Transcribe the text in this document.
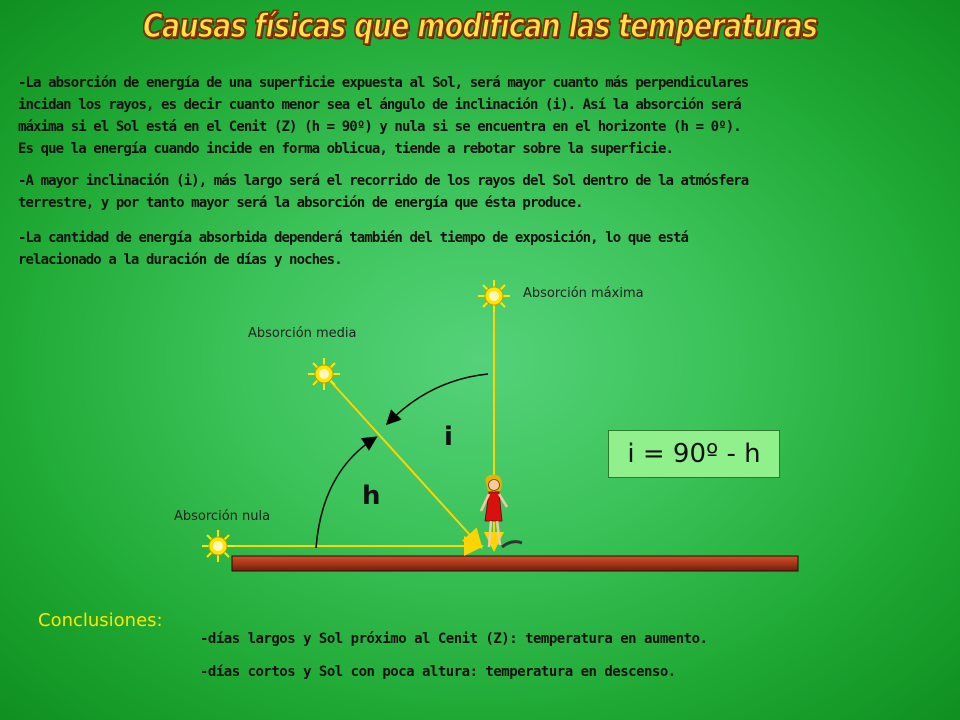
Causas físicas que modifican las temperaturas
-La absorción de energía de una superficie expuesta al Sol, será mayor cuanto más perpendiculares
incidan los rayos, es decir cuanto menor sea el ángulo de inclinación (i). Así la absorción será
máxima si el Sol está en el Cenit (Z) (h = 90º) y nula si se encuentra en el horizonte (h = 0º).
Es que la energía cuando incide en forma oblicua, tiende a rebotar sobre la superficie.
-A mayor inclinación (i), más largo será el recorrido de los rayos del Sol dentro de la atmósfera
terrestre, y por tanto mayor será la absorción de energía que ésta produce.
-La cantidad de energía absorbida dependerá también del tiempo de exposición, lo que está
relacionado a la duración de días y noches.
Absorción máxima
Absorción media
Absorción nula
i
h
i = 90º - h
Conclusiones:
-días largos y Sol próximo al Cenit (Z): temperatura en aumento.
-días cortos y Sol con poca altura: temperatura en descenso.
